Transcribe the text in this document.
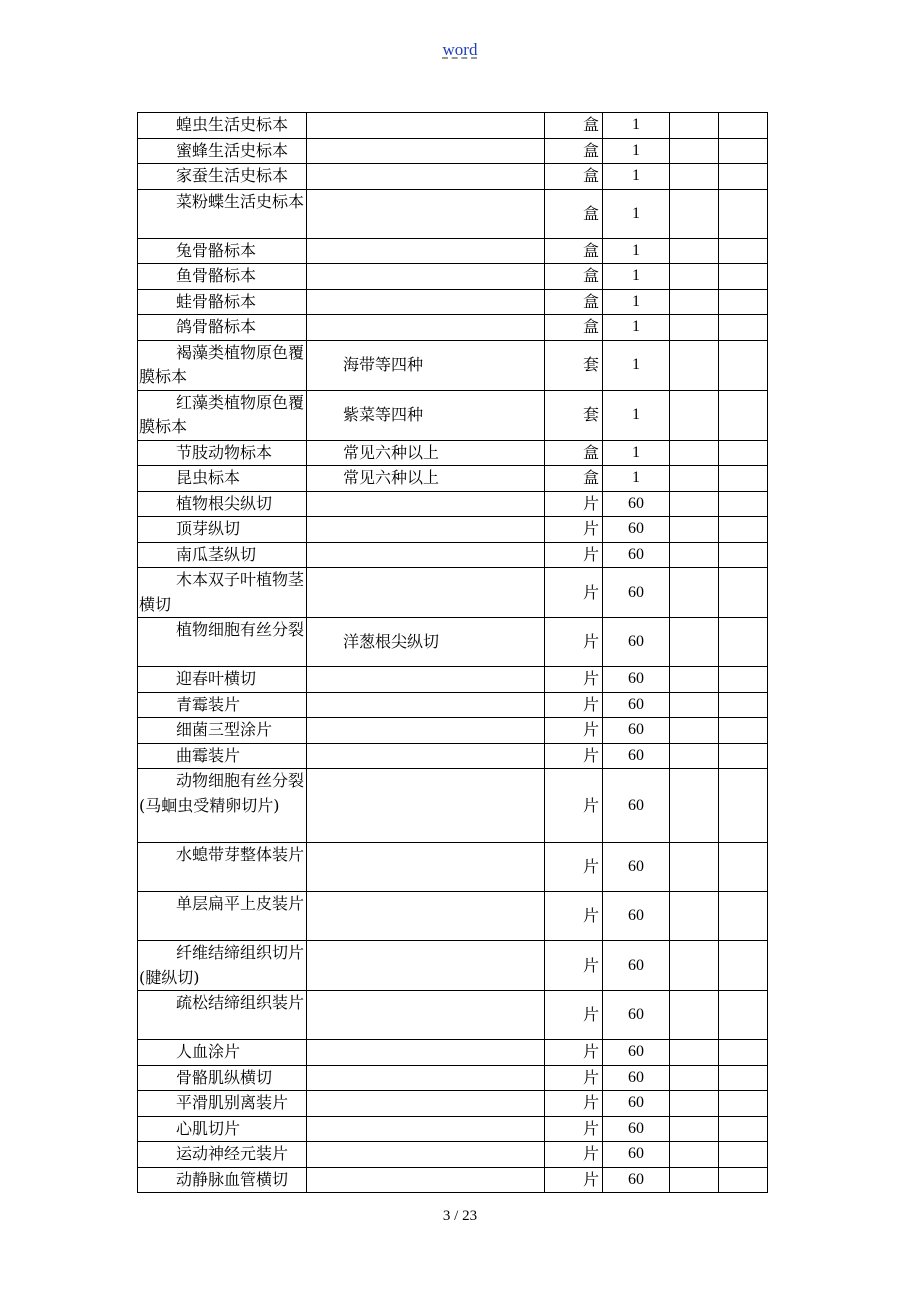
word
蝗虫生活史标本		盒	1		

蜜蜂生活史标本		盒	1		

家蚕生活史标本		盒	1		

菜粉蝶生活史标本		盒	1		

兔骨骼标本		盒	1		

鱼骨骼标本		盒	1		

蛙骨骼标本		盒	1		

鸽骨骼标本		盒	1		

褐藻类植物原色覆膜标本	海带等四种	套	1		

红藻类植物原色覆膜标本	紫菜等四种	套	1		

节肢动物标本	常见六种以上	盒	1		

昆虫标本	常见六种以上	盒	1		

植物根尖纵切		片	60		

顶芽纵切		片	60		

南瓜茎纵切		片	60		

木本双子叶植物茎横切		片	60		

植物细胞有丝分裂	洋葱根尖纵切	片	60		

迎春叶横切		片	60		

青霉装片		片	60		

细菌三型涂片		片	60		

曲霉装片		片	60		

动物细胞有丝分裂(马蛔虫受精卵切片)		片	60		

水螅带芽整体装片		片	60		

单层扁平上皮装片		片	60		

纤维结缔组织切片(腱纵切)		片	60		

疏松结缔组织装片		片	60		

人血涂片		片	60		

骨骼肌纵横切		片	60		

平滑肌别离装片		片	60		

心肌切片		片	60		

运动神经元装片		片	60		

动静脉血管横切		片	60		

3 / 23
